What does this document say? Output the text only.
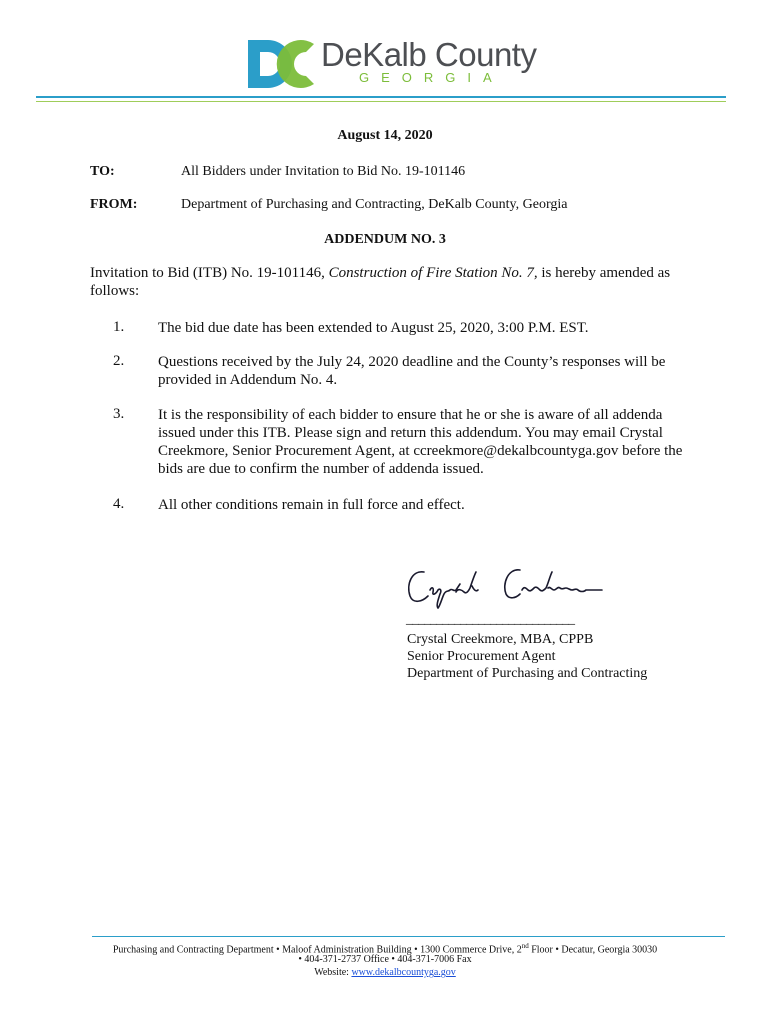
DeKalb County
GEORGIA
August 14, 2020
TO:	All Bidders under Invitation to Bid No. 19-101146
FROM:	Department of Purchasing and Contracting, DeKalb County, Georgia
ADDENDUM NO. 3
Invitation to Bid (ITB) No. 19-101146, Construction of Fire Station No. 7, is hereby amended as follows:
1. The bid due date has been extended to August 25, 2020, 3:00 P.M. EST.
2. Questions received by the July 24, 2020 deadline and the County’s responses will be provided in Addendum No. 4.
3. It is the responsibility of each bidder to ensure that he or she is aware of all addenda issued under this ITB. Please sign and return this addendum. You may email Crystal Creekmore, Senior Procurement Agent, at ccreekmore@dekalbcountyga.gov before the bids are due to confirm the number of addenda issued.
4. All other conditions remain in full force and effect.
____________________________
Crystal Creekmore, MBA, CPPB
Senior Procurement Agent
Department of Purchasing and Contracting
Purchasing and Contracting Department • Maloof Administration Building • 1300 Commerce Drive, 2nd Floor • Decatur, Georgia 30030
• 404-371-2737 Office • 404-371-7006 Fax
Website: www.dekalbcountyga.gov
